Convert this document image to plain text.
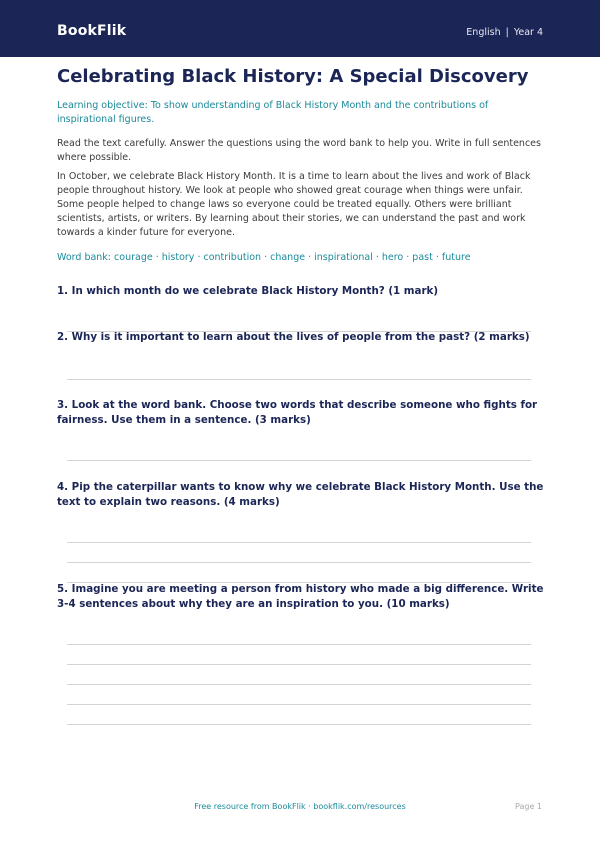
BookFlik	English | Year 4
Celebrating Black History: A Special Discovery

Learning objective: To show understanding of Black History Month and the contributions of inspirational figures.

Read the text carefully. Answer the questions using the word bank to help you. Write in full sentences where possible.

In October, we celebrate Black History Month. It is a time to learn about the lives and work of Black people throughout history. We look at people who showed great courage when things were unfair. Some people helped to change laws so everyone could be treated equally. Others were brilliant scientists, artists, or writers. By learning about their stories, we can understand the past and work towards a kinder future for everyone.

Word bank: courage · history · contribution · change · inspirational · hero · past · future

1. In which month do we celebrate Black History Month? (1 mark)

2. Why is it important to learn about the lives of people from the past? (2 marks)

3. Look at the word bank. Choose two words that describe someone who fights for fairness. Use them in a sentence. (3 marks)

4. Pip the caterpillar wants to know why we celebrate Black History Month. Use the text to explain two reasons. (4 marks)

5. Imagine you are meeting a person from history who made a big difference. Write 3-4 sentences about why they are an inspiration to you. (10 marks)

Free resource from BookFlik · bookflik.com/resources	Page 1
